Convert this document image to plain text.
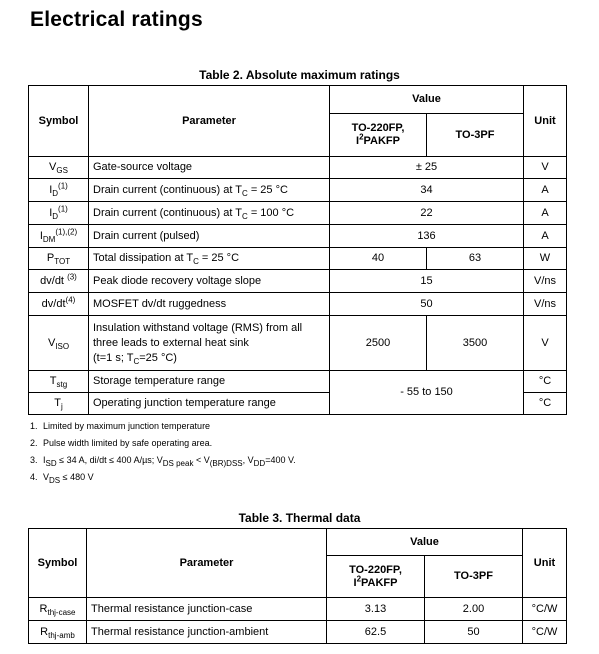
Electrical ratings
Table 2. Absolute maximum ratings
Symbol	Parameter	Value		Unit
		TO-220FP,
$I^2PAKFP$	TO-3PF	
$V_{GS}$	Gate-source voltage	± 25		V
$I_D^{(1)}$	Drain current (continuous) at $T_C = 25$ °C	34		A
$I_D^{(1)}$	Drain current (continuous) at $T_C = 100$ °C	22		A
$I_{DM}^{(1),(2)}$	Drain current (pulsed)	136		A
$P_{TOT}$	Total dissipation at $T_C = 25$ °C	40	63	W
dv/dt $^{(3)}$	Peak diode recovery voltage slope	15		V/ns
$dv/dt^{(4)}$	MOSFET dv/dt ruggedness	50		V/ns
$V_{ISO}$	Insulation withstand voltage (RMS) from all
three leads to external heat sink
(t=1 s; $T_C=25$ °C)	2500	3500	V
$T_{stg}$	Storage temperature range	- 55 to 150		°C
$T_j$	Operating junction temperature range			°C
1. Limited by maximum junction temperature
2. Pulse width limited by safe operating area.
3. $I_{SD} \le 34$ A, di/dt ≤ 400 A/µs; $V_{DS peak} < V_{(BR)DSS}$, $V_{DD}=400$ V.
4. $V_{DS} \le 480$ V
Table 3. Thermal data
Symbol	Parameter	Value		Unit
		TO-220FP,
$I^2PAKFP$	TO-3PF	
$R_{thj-case}$	Thermal resistance junction-case	3.13	2.00	°C/W
$R_{thj-amb}$	Thermal resistance junction-ambient	62.5	50	°C/W
